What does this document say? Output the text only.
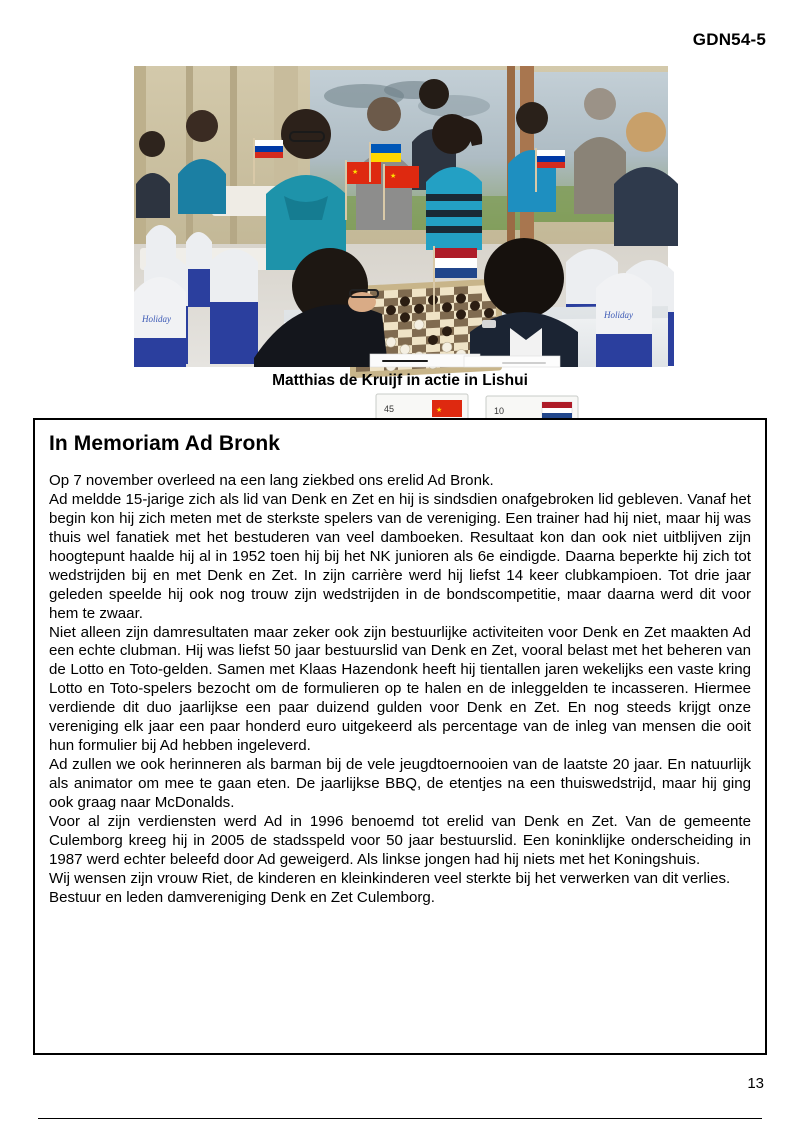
GDN54-5
★
★
★
45	10
Holiday	Holiday
Matthias de Kruijf in actie in Lishui
In Memoriam Ad Bronk

Op 7 november overleed na een lang ziekbed ons erelid Ad Bronk.

Ad meldde 15-jarige zich als lid van Denk en Zet en hij is sindsdien onafgebroken lid gebleven. Vanaf het begin kon hij zich meten met de sterkste spelers van de vereniging. Een trainer had hij niet, maar hij was thuis wel fanatiek met het bestuderen van veel damboeken. Resultaat kon dan ook niet uitblijven zijn hoogtepunt haalde hij al in 1952 toen hij bij het NK junioren als 6e eindigde. Daarna beperkte hij zich tot wedstrijden bij en met Denk en Zet. In zijn carrière werd hij liefst 14 keer clubkampioen. Tot drie jaar geleden speelde hij ook nog trouw zijn wedstrijden in de bondscompetitie, maar daarna werd dit voor hem te zwaar.

Niet alleen zijn damresultaten maar zeker ook zijn bestuurlijke activiteiten voor Denk en Zet maakten Ad een echte clubman. Hij was liefst 50 jaar bestuurslid van Denk en Zet, vooral belast met het beheren van de Lotto en Toto-gelden. Samen met Klaas Hazendonk heeft hij tientallen jaren wekelijks een vaste kring Lotto en Toto-spelers bezocht om de formulieren op te halen en de inleggelden te incasseren. Hiermee verdiende dit duo jaarlijkse een paar duizend gulden voor Denk en Zet. En nog steeds krijgt onze vereniging elk jaar een paar honderd euro uitgekeerd als percentage van de inleg van mensen die ooit hun formulier bij Ad hebben ingeleverd.

Ad zullen we ook herinneren als barman bij de vele jeugdtoernooien van de laatste 20 jaar. En natuurlijk als animator om mee te gaan eten. De jaarlijkse BBQ, de etentjes na een thuiswedstrijd, maar hij ging ook graag naar McDonalds.

Voor al zijn verdiensten werd Ad in 1996 benoemd tot erelid van Denk en Zet. Van de gemeente Culemborg kreeg hij in 2005 de stadsspeld voor 50 jaar bestuurslid. Een koninklijke onderscheiding in 1987 werd echter beleefd door Ad geweigerd. Als linkse jongen had hij niets met het Koningshuis.

Wij wensen zijn vrouw Riet, de kinderen en kleinkinderen veel sterkte bij het verwerken van dit verlies.

Bestuur en leden damvereniging Denk en Zet Culemborg.

13
